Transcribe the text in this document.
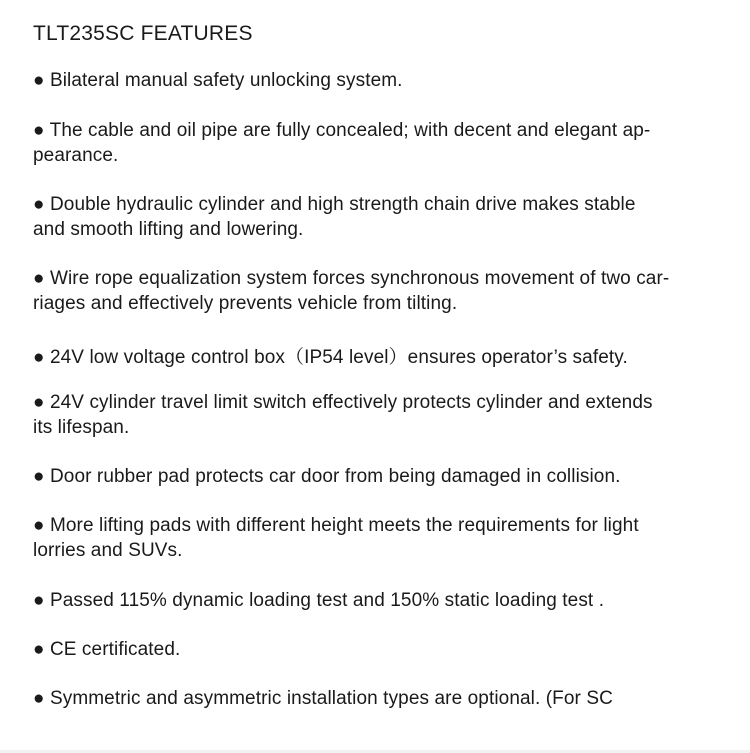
TLT235SC FEATURES
● Bilateral manual safety unlocking system.
● The cable and oil pipe are fully concealed; with decent and elegant ap-
pearance.
● Double hydraulic cylinder and high strength chain drive makes stable
and smooth lifting and lowering.
● Wire rope equalization system forces synchronous movement of two car-
riages and effectively prevents vehicle from tilting.
● 24V low voltage control box（IP54 level）ensures operator’s safety.
● 24V cylinder travel limit switch effectively protects cylinder and extends
its lifespan.
● Door rubber pad protects car door from being damaged in collision.
● More lifting pads with different height meets the requirements for light
lorries and SUVs.
● Passed 115% dynamic loading test and 150% static loading test .
● CE certificated.
● Symmetric and asymmetric installation types are optional. (For SC
